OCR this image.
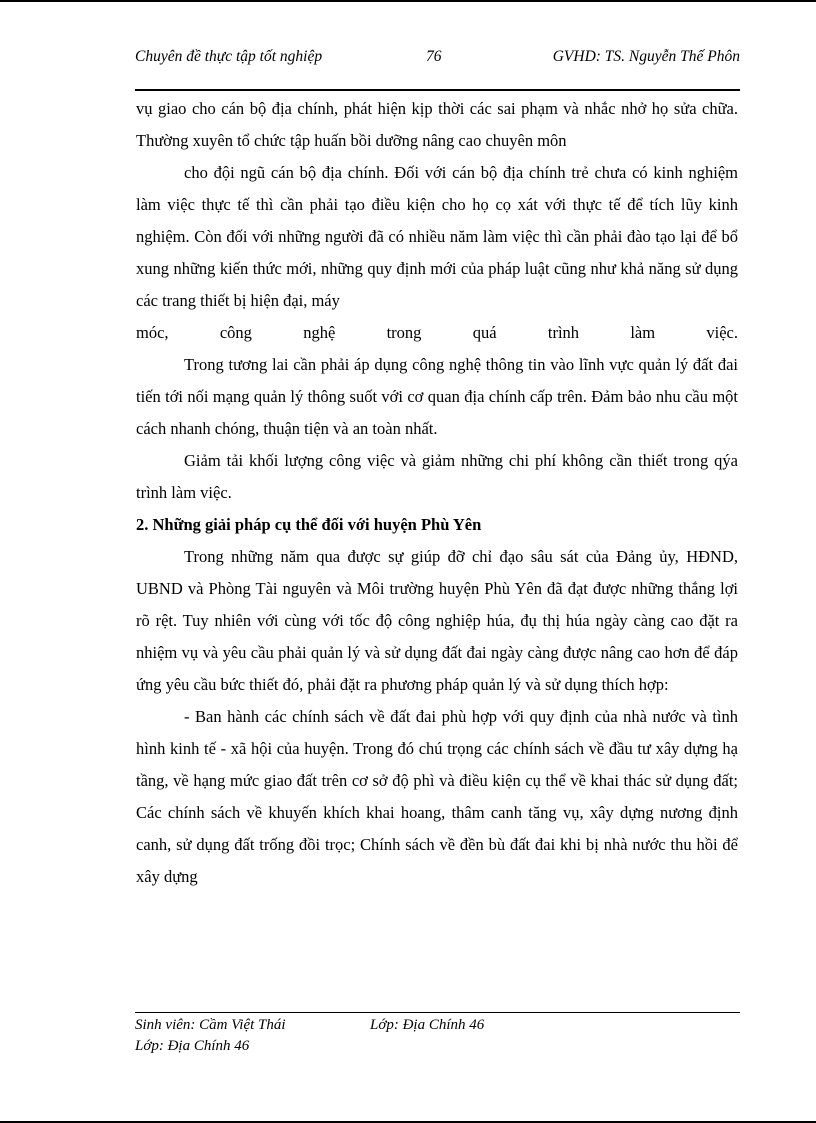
Chuyên đề thực tập tốt nghiệp	76	GVHD: TS. Nguyễn Thế Phôn

vụ giao cho cán bộ địa chính, phát hiện kịp thời các sai phạm và nhắc nhở họ sửa chữa. Thường xuyên tổ chức tập huấn bồi dưỡng nâng cao chuyên môn

cho đội ngũ cán bộ địa chính. Đối với cán bộ địa chính trẻ chưa có kinh nghiệm làm việc thực tế thì cần phải tạo điều kiện cho họ cọ xát với thực tế để tích lũy kinh nghiệm. Còn đối với những người đã có nhiều năm làm việc thì cần phải đào tạo lại để bổ xung những kiến thức mới, những quy định mới của pháp luật cũng như khả năng sử dụng các trang thiết bị hiện đại, máy

móc,	công	nghệ	trong	quá	trình	làm	việc.

Trong tương lai cần phải áp dụng công nghệ thông tin vào lĩnh vực quản lý đất đai tiến tới nối mạng quản lý thông suốt với cơ quan địa chính cấp trên. Đảm bảo nhu cầu một cách nhanh chóng, thuận tiện và an toàn nhất.

Giảm tải khối lượng công việc và giảm những chi phí không cần thiết trong qýa trình làm việc.

2. Những giải pháp cụ thể đối với huyện Phù Yên

Trong những năm qua được sự giúp đỡ chỉ đạo sâu sát của Đảng ủy, HĐND, UBND và Phòng Tài nguyên và Môi trường huyện Phù Yên đã đạt được những thắng lợi rõ rệt. Tuy nhiên với cùng với tốc độ công nghiệp húa, đụ thị húa ngày càng cao đặt ra nhiệm vụ và yêu cầu phải quản lý và sử dụng đất đai ngày càng được nâng cao hơn để đáp ứng yêu cầu bức thiết đó, phải đặt ra phương pháp quản lý và sử dụng thích hợp:

- Ban hành các chính sách về đất đai phù hợp với quy định của nhà nước và tình hình kinh tế - xã hội của huyện. Trong đó chú trọng các chính sách về đầu tư xây dựng hạ tầng, về hạng mức giao đất trên cơ sở độ phì và điều kiện cụ thể về khai thác sử dụng đất; Các chính sách về khuyến khích khai hoang, thâm canh tăng vụ, xây dựng nương định canh, sử dụng đất trống đồi trọc; Chính sách về đền bù đất đai khi bị nhà nước thu hồi để xây dựng

Sinh viên: Cầm Việt Thái	Lớp: Địa Chính 46
Lớp: Địa Chính 46
